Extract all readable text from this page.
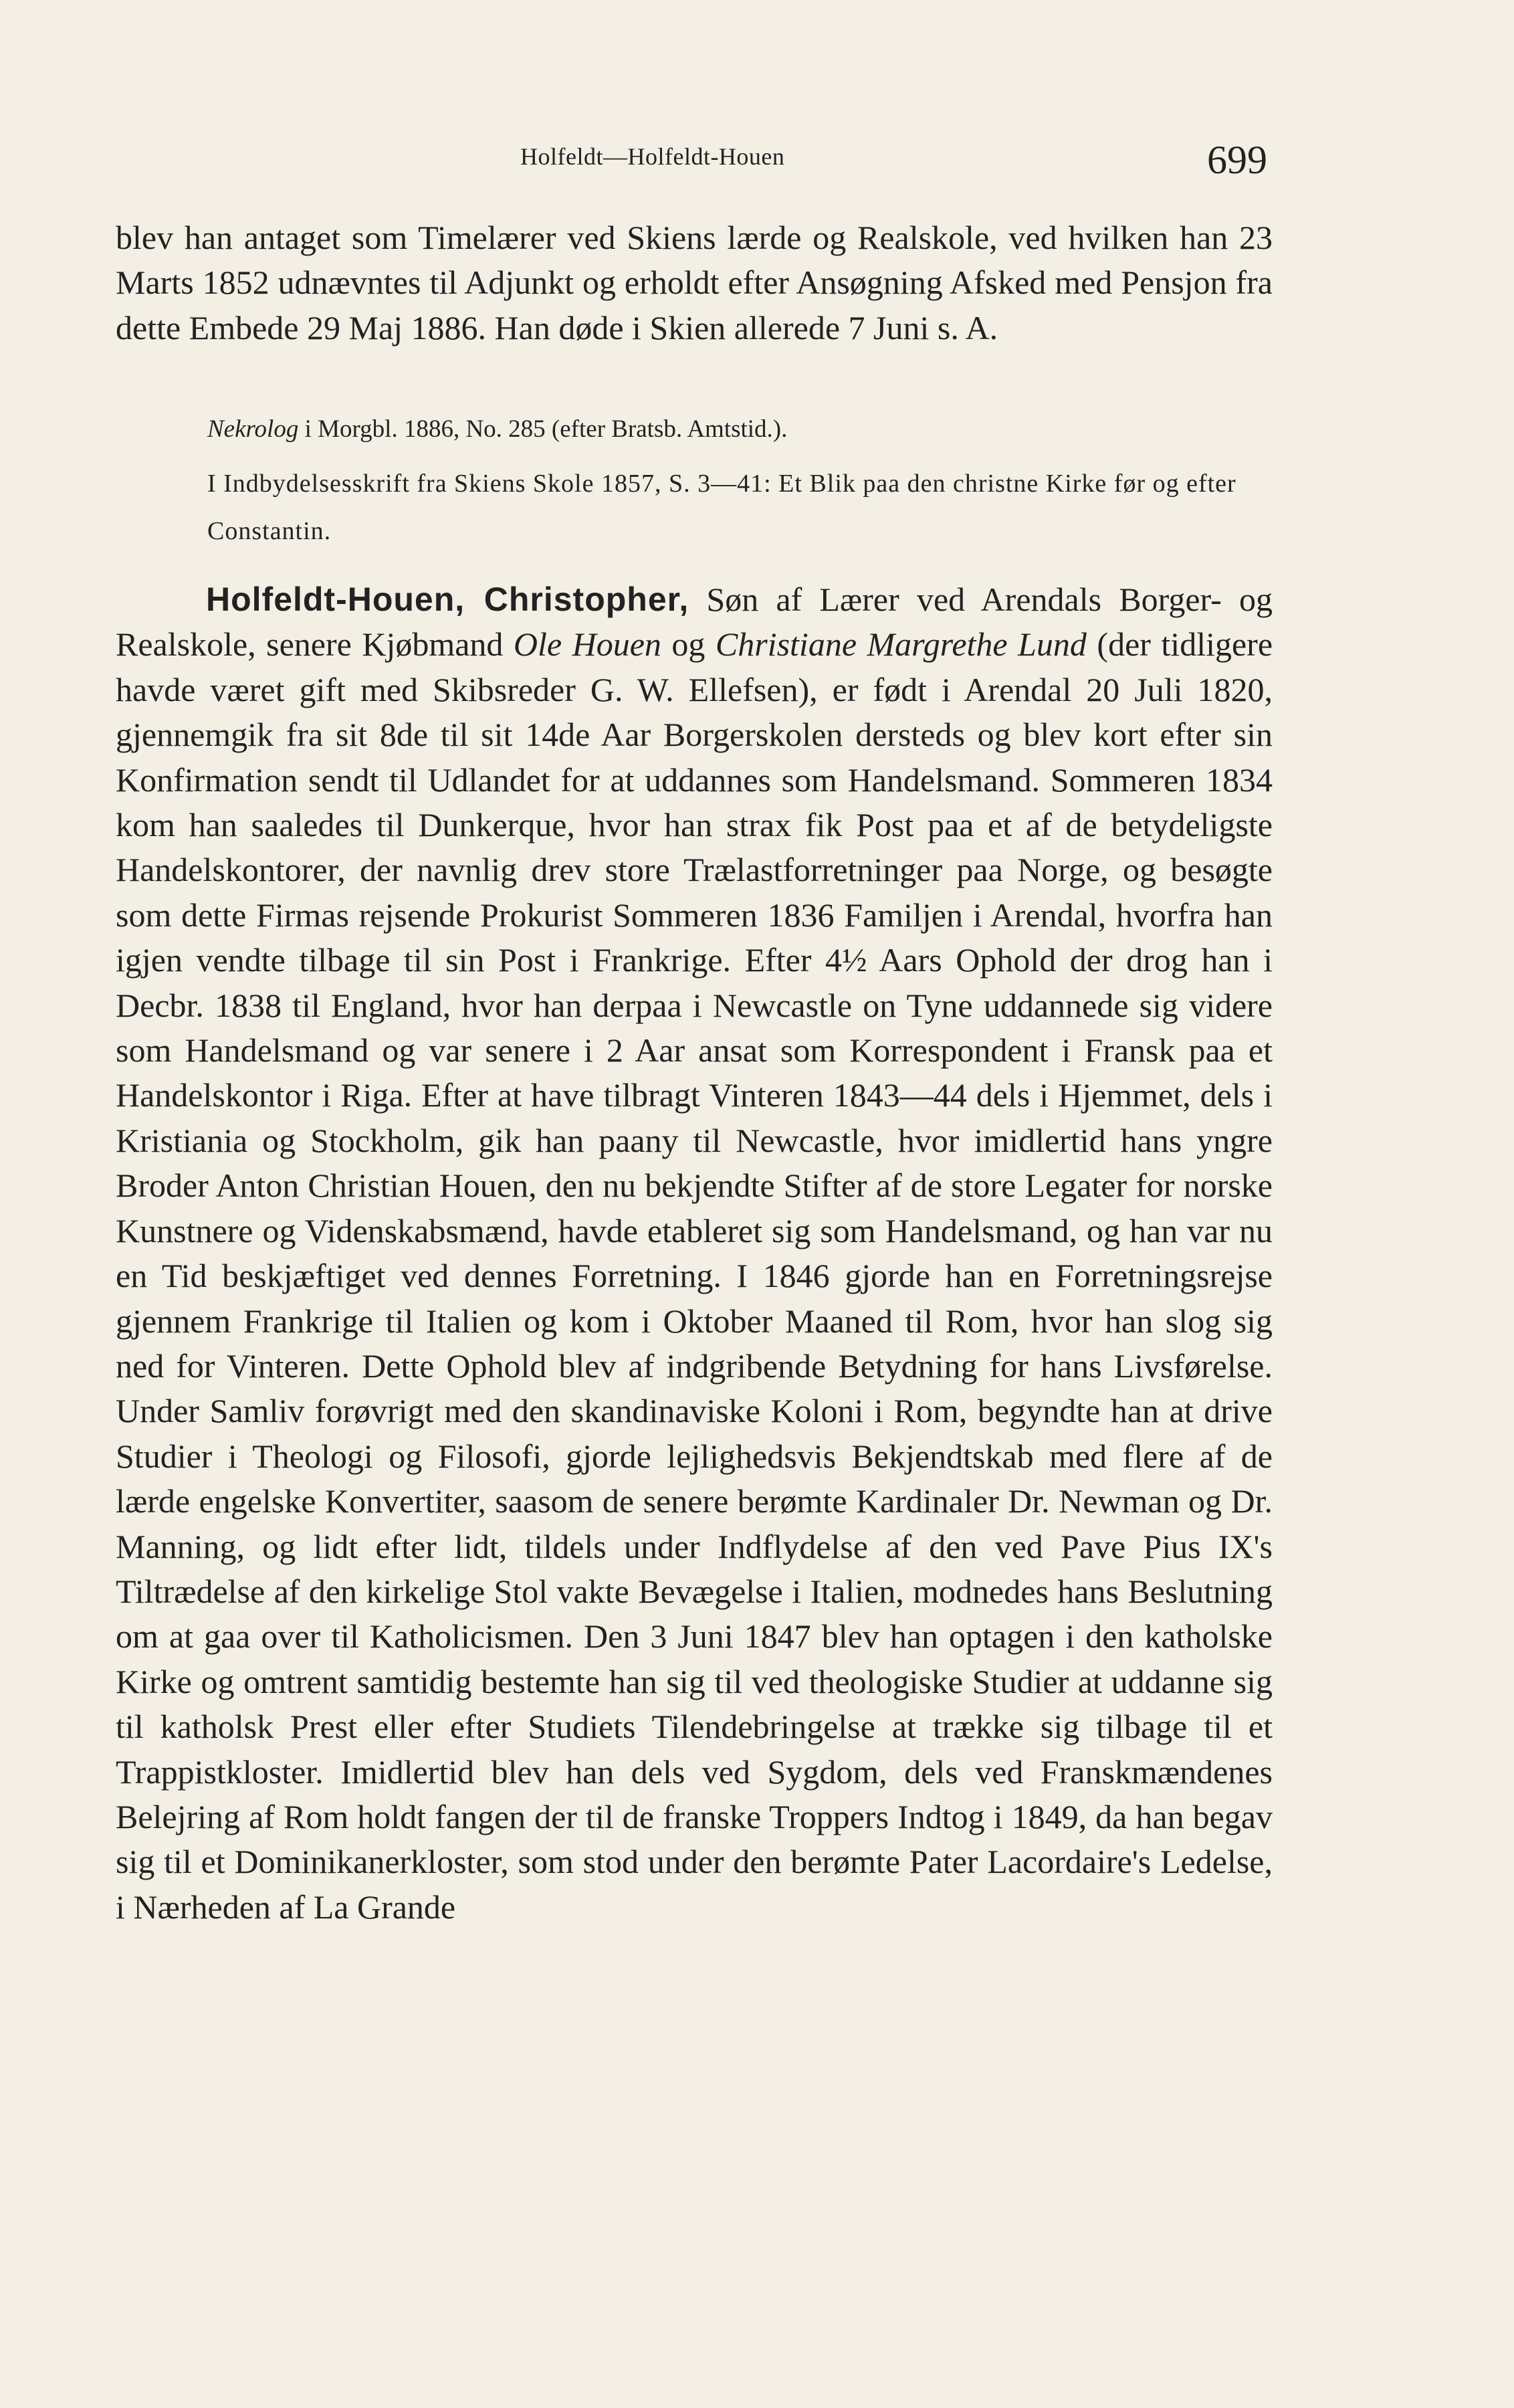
Holfeldt—Holfeldt-Houen	699

blev han antaget som Timelærer ved Skiens lærde og Realskole, ved hvilken han 23 Marts 1852 udnævntes til Adjunkt og erholdt efter Ansøgning Afsked med Pensjon fra dette Embede 29 Maj 1886. Han døde i Skien allerede 7 Juni s. A.

Nekrolog i Morgbl. 1886, No. 285 (efter Bratsb. Amtstid.).

I Indbydelsesskrift fra Skiens Skole 1857, S. 3—41: Et Blik paa den christne Kirke før og efter Constantin.

Holfeldt-Houen, Christopher, Søn af Lærer ved Arendals Borger- og Realskole, senere Kjøbmand Ole Houen og Christiane Margrethe Lund (der tidligere havde været gift med Skibsreder G. W. Ellefsen), er født i Arendal 20 Juli 1820, gjennemgik fra sit 8de til sit 14de Aar Borgerskolen dersteds og blev kort efter sin Konfirmation sendt til Udlandet for at uddannes som Handelsmand. Sommeren 1834 kom han saaledes til Dunkerque, hvor han strax fik Post paa et af de betydeligste Handelskontorer, der navnlig drev store Trælastforretninger paa Norge, og besøgte som dette Firmas rejsende Prokurist Sommeren 1836 Familjen i Arendal, hvorfra han igjen vendte tilbage til sin Post i Frankrige. Efter 4½ Aars Ophold der drog han i Decbr. 1838 til England, hvor han derpaa i Newcastle on Tyne uddannede sig videre som Handelsmand og var senere i 2 Aar ansat som Korrespondent i Fransk paa et Handelskontor i Riga. Efter at have tilbragt Vinteren 1843—44 dels i Hjemmet, dels i Kristiania og Stockholm, gik han paany til Newcastle, hvor imidlertid hans yngre Broder Anton Christian Houen, den nu bekjendte Stifter af de store Legater for norske Kunstnere og Videnskabsmænd, havde etableret sig som Handelsmand, og han var nu en Tid beskjæftiget ved dennes Forretning. I 1846 gjorde han en Forretningsrejse gjennem Frankrige til Italien og kom i Oktober Maaned til Rom, hvor han slog sig ned for Vinteren. Dette Ophold blev af indgribende Betydning for hans Livsførelse. Under Samliv forøvrigt med den skandinaviske Koloni i Rom, begyndte han at drive Studier i Theologi og Filosofi, gjorde lejlighedsvis Bekjendtskab med flere af de lærde engelske Konvertiter, saasom de senere berømte Kardinaler Dr. Newman og Dr. Manning, og lidt efter lidt, tildels under Indflydelse af den ved Pave Pius IX's Tiltrædelse af den kirkelige Stol vakte Bevægelse i Italien, modnedes hans Beslutning om at gaa over til Katholicismen. Den 3 Juni 1847 blev han optagen i den katholske Kirke og omtrent samtidig bestemte han sig til ved theologiske Studier at uddanne sig til katholsk Prest eller efter Studiets Tilendebringelse at trække sig tilbage til et Trappistkloster. Imidlertid blev han dels ved Sygdom, dels ved Franskmændenes Belejring af Rom holdt fangen der til de franske Troppers Indtog i 1849, da han begav sig til et Dominikanerkloster, som stod under den berømte Pater Lacordaire's Ledelse, i Nærheden af La Grande
